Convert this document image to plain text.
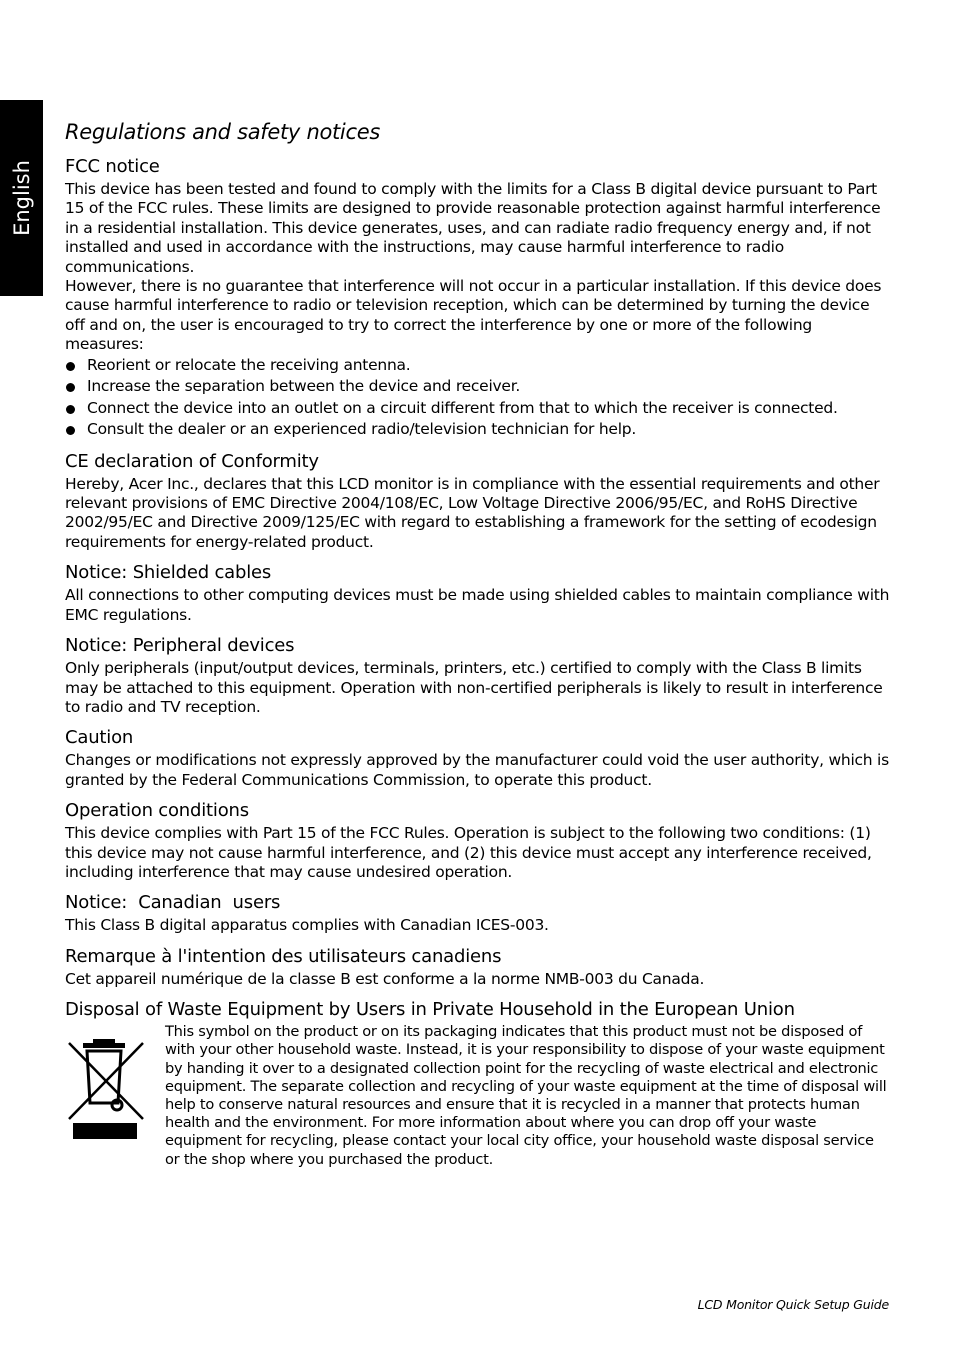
English
Regulations and safety notices
FCC notice

This device has been tested and found to comply with the limits for a Class B digital device pursuant to Part 15 of the FCC rules. These limits are designed to provide reasonable protection against harmful interference in a residential installation. This device generates, uses, and can radiate radio frequency energy and, if not installed and used in accordance with the instructions, may cause harmful interference to radio communications.

However, there is no guarantee that interference will not occur in a particular installation. If this device does cause harmful interference to radio or television reception, which can be determined by turning the device off and on, the user is encouraged to try to correct the interference by one or more of the following measures:

Reorient or relocate the receiving antenna.
Increase the separation between the device and receiver.
Connect the device into an outlet on a circuit different from that to which the receiver is connected.
Consult the dealer or an experienced radio/television technician for help.
CE declaration of Conformity

Hereby, Acer Inc., declares that this LCD monitor is in compliance with the essential requirements and other relevant provisions of EMC Directive 2004/108/EC, Low Voltage Directive 2006/95/EC, and RoHS Directive 2002/95/EC and Directive 2009/125/EC with regard to establishing a framework for the setting of ecodesign requirements for energy-related product.

Notice: Shielded cables

All connections to other computing devices must be made using shielded cables to maintain compliance with EMC regulations.

Notice: Peripheral devices

Only peripherals (input/output devices, terminals, printers, etc.) certified to comply with the Class B limits may be attached to this equipment. Operation with non-certified peripherals is likely to result in interference to radio and TV reception.

Caution

Changes or modifications not expressly approved by the manufacturer could void the user authority, which is granted by the Federal Communications Commission, to operate this product.

Operation conditions

This device complies with Part 15 of the FCC Rules. Operation is subject to the following two conditions: (1) this device may not cause harmful interference, and (2) this device must accept any interference received, including interference that may cause undesired operation.

Notice:  Canadian  users

This Class B digital apparatus complies with Canadian ICES-003.

Remarque à l'intention des utilisateurs canadiens

Cet appareil numérique de la classe B est conforme a la norme NMB-003 du Canada.

Disposal of Waste Equipment by Users in Private Household in the European Union

This symbol on the product or on its packaging indicates that this product must not be disposed of with your other household waste. Instead, it is your responsibility to dispose of your waste equipment by handing it over to a designated collection point for the recycling of waste electrical and electronic equipment. The separate collection and recycling of your waste equipment at the time of disposal will help to conserve natural resources and ensure that it is recycled in a manner that protects human health and the environment. For more information about where you can drop off your waste equipment for recycling, please contact your local city office, your household waste disposal service or the shop where you purchased the product.

LCD Monitor Quick Setup Guide
